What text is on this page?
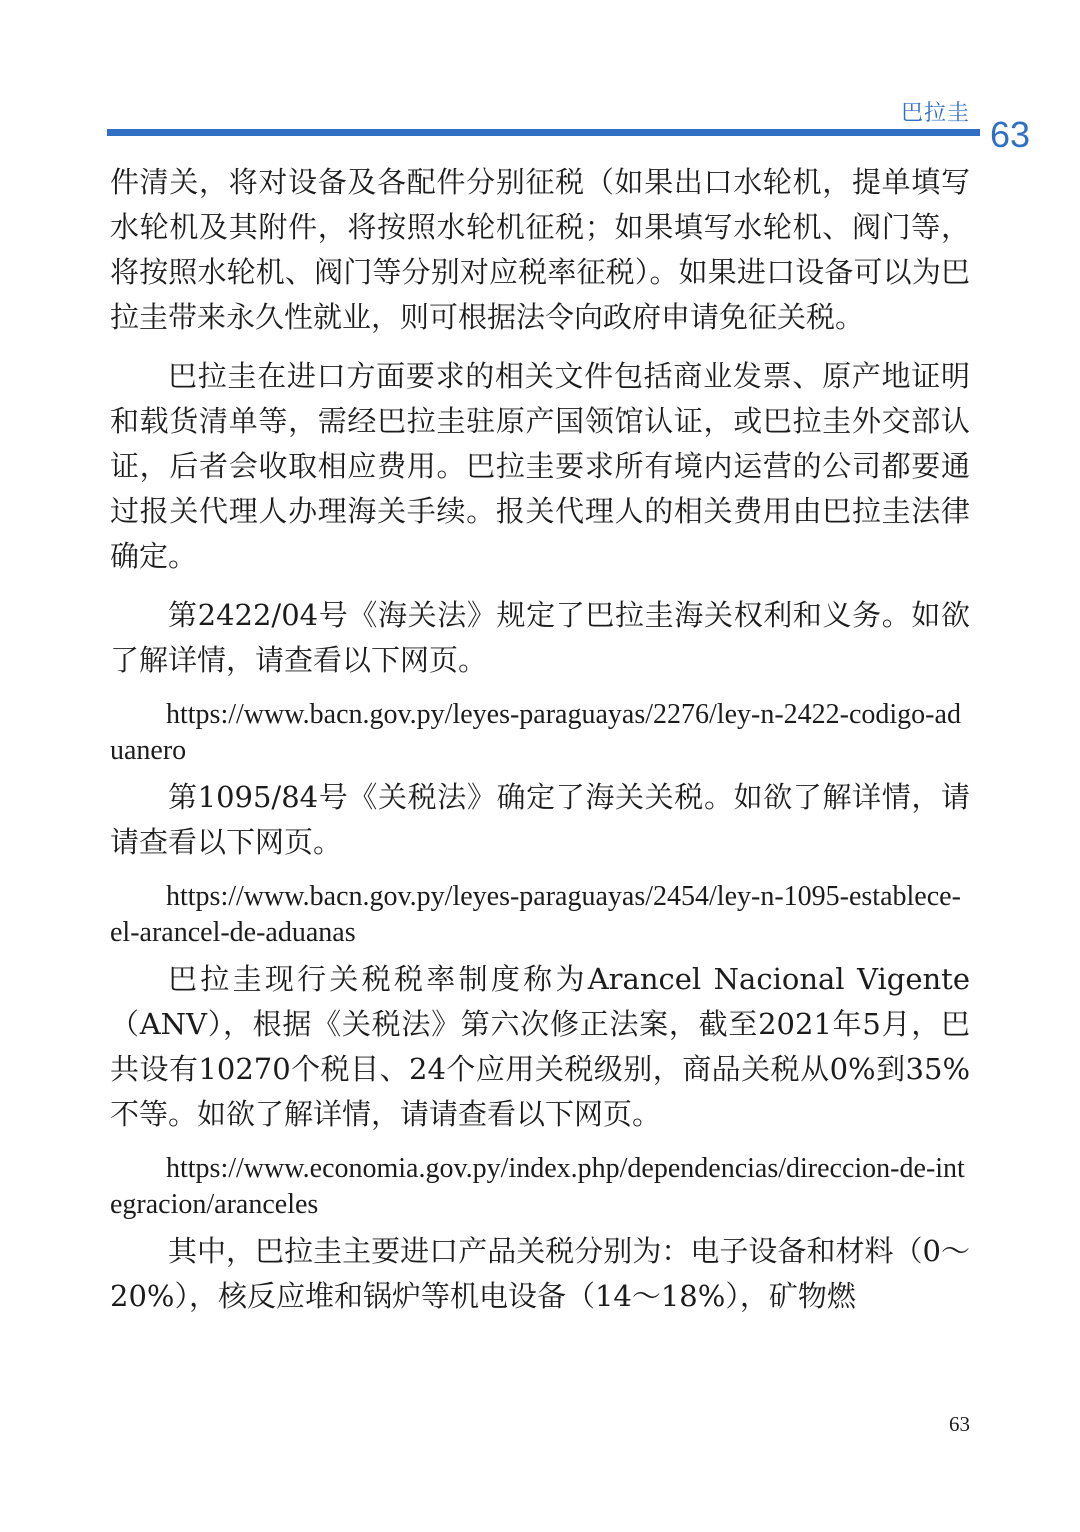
巴拉圭
63

件清关，将对设备及各配件分别征税（如果出口水轮机，提单填写水轮机及其附件，将按照水轮机征税；如果填写水轮机、阀门等，将按照水轮机、阀门等分别对应税率征税）。如果进口设备可以为巴拉圭带来永久性就业，则可根据法令向政府申请免征关税。

巴拉圭在进口方面要求的相关文件包括商业发票、原产地证明和载货清单等，需经巴拉圭驻原产国领馆认证，或巴拉圭外交部认证，后者会收取相应费用。巴拉圭要求所有境内运营的公司都要通过报关代理人办理海关手续。报关代理人的相关费用由巴拉圭法律确定。

第2422/04号《海关法》规定了巴拉圭海关权利和义务。如欲了解详情，请查看以下网页。

https://www.bacn.gov.py/leyes-paraguayas/2276/ley-n-2422-codigo-aduanero

第1095/84号《关税法》确定了海关关税。如欲了解详情，请请查看以下网页。

https://www.bacn.gov.py/leyes-paraguayas/2454/ley-n-1095-establece-el-arancel-de-aduanas

巴拉圭现行关税税率制度称为Arancel Nacional Vigente（ANV），根据《关税法》第六次修正法案，截至2021年5月，巴共设有10270个税目、24个应用关税级别，商品关税从0%到35%不等。如欲了解详情，请请查看以下网页。

https://www.economia.gov.py/index.php/dependencias/direccion-de-integracion/aranceles

其中，巴拉圭主要进口产品关税分别为：电子设备和材料（0～20%），核反应堆和锅炉等机电设备（14～18%），矿物燃

63
